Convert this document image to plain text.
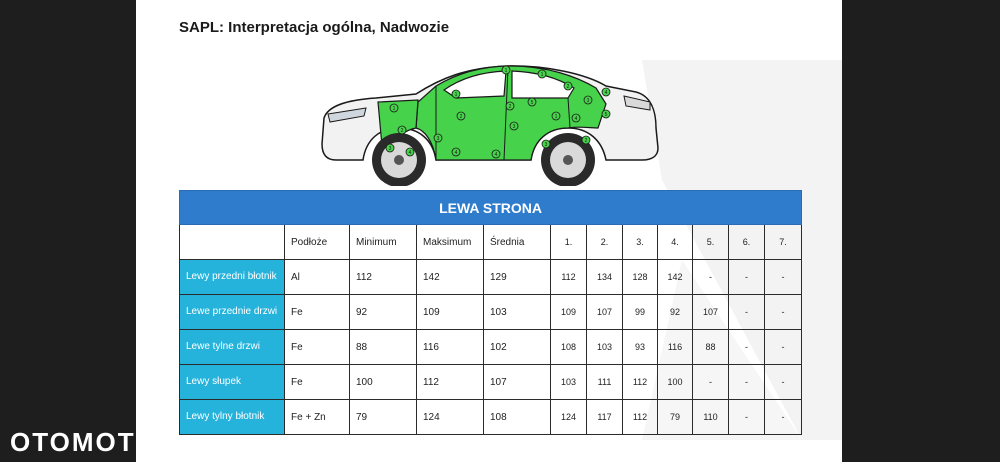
SAPL: Interpretacja ogólna, Nadwozie
1
2
3
4
1
2
3
4
1
2
3
4
5
1
2
3
4
1
2
3
4
5
LEWA STRONA											
	Podłoże	Minimum	Maksimum	Średnia	1.	2.	3.	4.	5.	6.	7.
Lewy przedni błotnik	Al	112	142	129	112	134	128	142	-	-	-
Lewe przednie drzwi	Fe	92	109	103	109	107	99	92	107	-	-
Lewe tylne drzwi	Fe	88	116	102	108	103	93	116	88	-	-
Lewy słupek	Fe	100	112	107	103	111	112	100	-	-	-
Lewy tylny błotnik	Fe + Zn	79	124	108	124	117	112	79	110	-	-
$OTOMOTO^{PL}$
